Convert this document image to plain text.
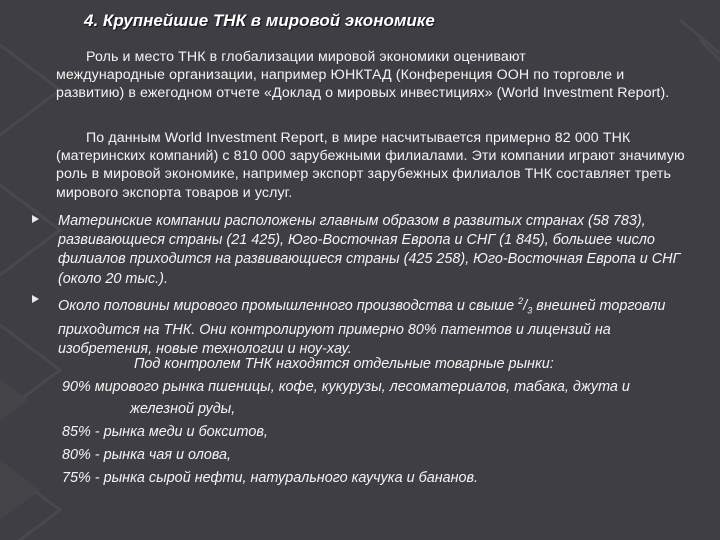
4. Крупнейшие ТНК в мировой экономике
Роль и место ТНК в глобализации мировой экономики оценивают
международные организации, например ЮНКТАД (Конференция ООН по торговле и развитию) в ежегодном отчете «Доклад о мировых инвестициях» (World Investment Report).
По данным World Investment Report, в мире насчитывается примерно 82 000 ТНК
(материнских компаний) с 810 000 зарубежными филиалами. Эти компании играют значимую роль в мировой экономике, например экспорт зарубежных филиалов ТНК составляет треть мирового экспорта товаров и услуг.
Материнские компании расположены главным образом в развитых странах (58 783), развивающиеся страны (21 425), Юго-Восточная Европа и СНГ (1 845), большее число филиалов приходится на развивающиеся страны (425 258), Юго-Восточная Европа и СНГ (около 20 тыс.).
Около половины мирового промышленного производства и свыше $^2/_3$ внешней торговли приходится на ТНК. Они контролируют примерно 80% патентов и лицензий на изобретения, новые технологии и ноу-хау.
Под контролем ТНК находятся отдельные товарные рынки:
90% мирового рынка пшеницы, кофе, кукурузы, лесоматериалов, табака, джута и
железной руды,
85% - рынка меди и бокситов,
80% - рынка чая и олова,
75% - рынка сырой нефти, натурального каучука и бананов.
